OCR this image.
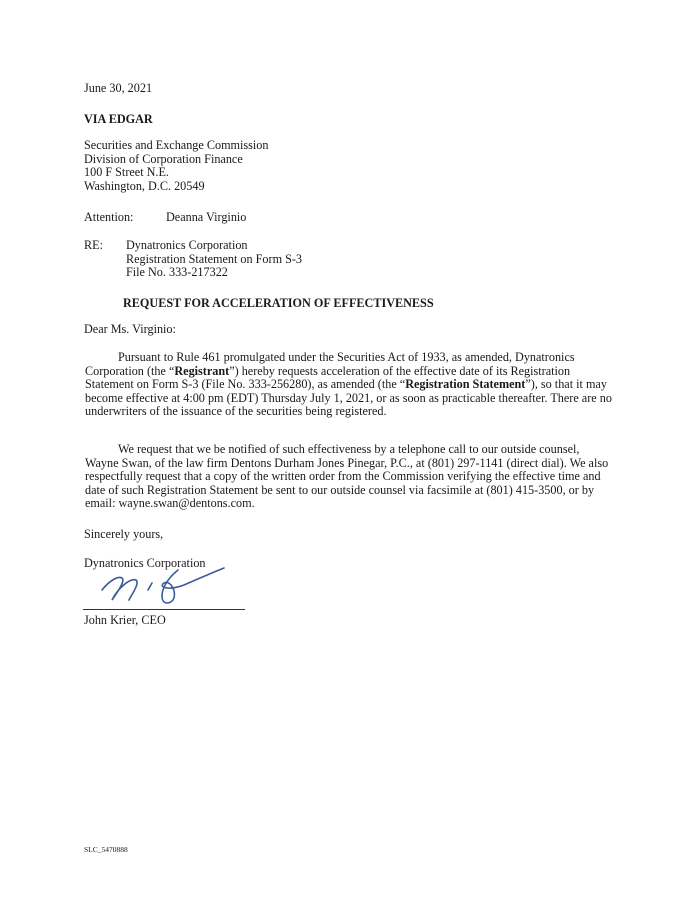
June 30, 2021
VIA EDGAR
Securities and Exchange Commission
Division of Corporation Finance
100 F Street N.E.
Washington, D.C. 20549
Attention:	Deanna Virginio
RE: Dynatronics Corporation
Registration Statement on Form S-3
File No. 333-217322
REQUEST FOR ACCELERATION OF EFFECTIVENESS
Dear Ms. Virginio:
Pursuant to Rule 461 promulgated under the Securities Act of 1933, as amended, Dynatronics Corporation (the “Registrant”) hereby requests acceleration of the effective date of its Registration Statement on Form S-3 (File No. 333-256280), as amended (the “Registration Statement”), so that it may become effective at 4:00 pm (EDT) Thursday July 1, 2021, or as soon as practicable thereafter. There are no underwriters of the issuance of the securities being registered.
We request that we be notified of such effectiveness by a telephone call to our outside counsel, Wayne Swan, of the law firm Dentons Durham Jones Pinegar, P.C., at (801) 297-1141 (direct dial). We also respectfully request that a copy of the written order from the Commission verifying the effective time and date of such Registration Statement be sent to our outside counsel via facsimile at (801) 415-3500, or by email: wayne.swan@dentons.com.
Sincerely yours,
Dynatronics Corporation
John Krier, CEO
SLC_5470888
